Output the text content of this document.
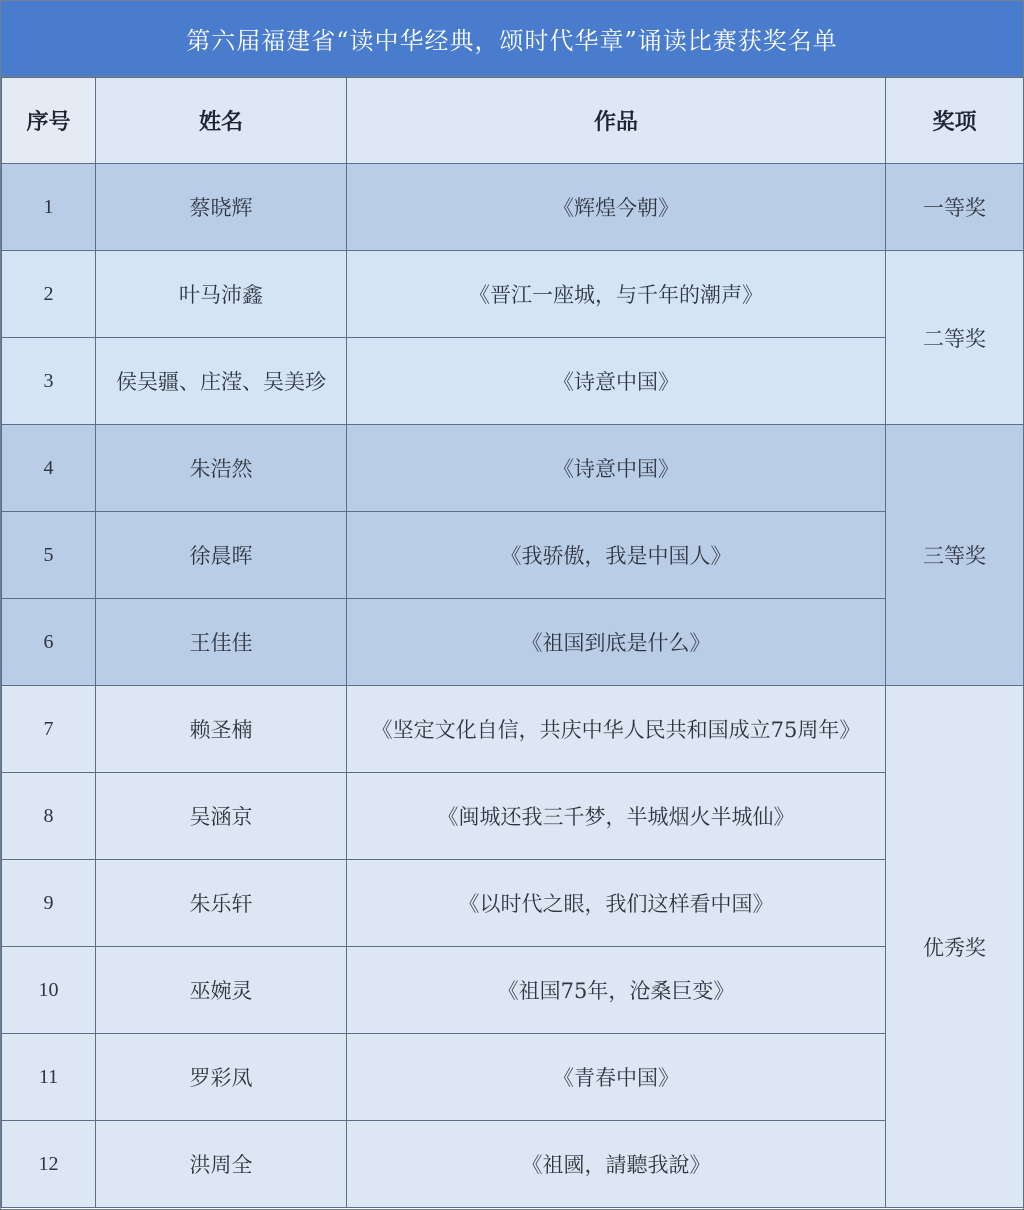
第六届福建省“读中华经典，颂时代华章”诵读比赛获奖名单
序号	姓名	作品	奖项
1	蔡晓辉	《辉煌今朝》	一等奖
2	叶马沛鑫	《晋江一座城，与千年的潮声》	二等奖
3	侯吴疆、庄滢、吴美珍	《诗意中国》	
4	朱浩然	《诗意中国》	三等奖
5	徐晨晖	《我骄傲，我是中国人》	
6	王佳佳	《祖国到底是什么》	
7	赖圣楠	《坚定文化自信，共庆中华人民共和国成立75周年》	优秀奖
8	吴涵京	《闽城还我三千梦，半城烟火半城仙》	
9	朱乐轩	《以时代之眼，我们这样看中国》	
10	巫婉灵	《祖国75年，沧桑巨变》	
11	罗彩凤	《青春中国》	
12	洪周全	《祖國，請聽我說》	
